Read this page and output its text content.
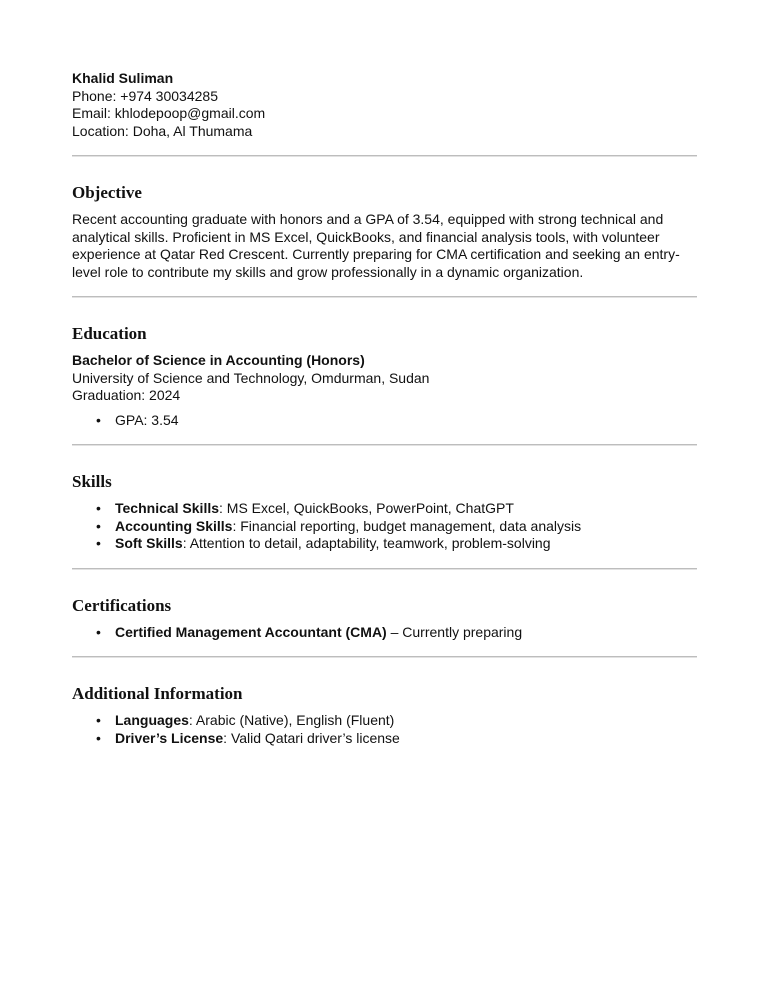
Khalid Suliman
Phone: +974 30034285
Email: khlodepoop@gmail.com
Location: Doha, Al Thumama
Objective

Recent accounting graduate with honors and a GPA of 3.54, equipped with strong technical and analytical skills. Proficient in MS Excel, QuickBooks, and financial analysis tools, with volunteer experience at Qatar Red Crescent. Currently preparing for CMA certification and seeking an entry-level role to contribute my skills and grow professionally in a dynamic organization.

Education
Bachelor of Science in Accounting (Honors)
University of Science and Technology, Omdurman, Sudan
Graduation: 2024
• GPA: 3.54
Skills
• Technical Skills: MS Excel, QuickBooks, PowerPoint, ChatGPT
• Accounting Skills: Financial reporting, budget management, data analysis
• Soft Skills: Attention to detail, adaptability, teamwork, problem-solving
Certifications
• Certified Management Accountant (CMA) – Currently preparing
Additional Information
• Languages: Arabic (Native), English (Fluent)
• Driver’s License: Valid Qatari driver’s license
